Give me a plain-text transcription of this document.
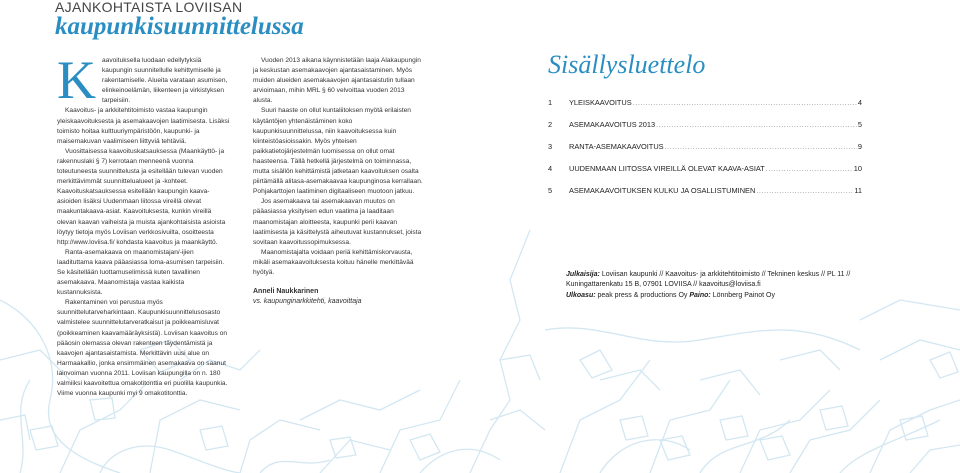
AJANKOHTAISTA LOVIISAN
kaupunkisuunnittelussa
K aavoituksella luodaan edellytyksiä kaupungin suunnitellulle kehittymiselle ja rakentamiselle. Alueita varataan asumisen, elinkeinoelämän, liikenteen ja virkistyksen tarpeisiin.

Kaavoitus- ja arkkitehtitoimisto vastaa kaupungin yleiskaavoituksesta ja asemakaavojen laatimisesta. Lisäksi toimisto hoitaa kulttuuriympäristöön, kaupunki- ja maisemakuvan vaalimiseen liittyviä tehtäviä.

Vuosittaisessa kaavoituskatsauksessa (Maankäyttö- ja rakennuslaki § 7) kerrotaan menneenä vuonna toteutuneesta suunnittelusta ja esitellään tulevan vuoden merkittävimmät suunnittelualueet ja -kohteet. Kaavoituskatsauksessa esitellään kaupungin kaava-asioiden lisäksi Uudenmaan liitossa vireillä olevat maakuntakaava-asiat. Kaavoituksesta, kunkin vireillä olevan kaavan vaiheista ja muista ajankohtaisista asioista löytyy tietoja myös Loviisan verkkosivuilta, osoitteesta http://www.loviisa.fi/ kohdasta kaavoitus ja maankäyttö.

Ranta-asemakaava on maanomistajan/-ijien laadituttama kaava pääasiassa loma-asumisen tarpeisiin. Se käsitellään luottamuselimissä kuten tavallinen asemakaava. Maanomistaja vastaa kaikista kustannuksista.

Rakentaminen voi perustua myös suunnittelutarveharkintaan. Kaupunkisuunnittelusosasto valmistelee suunnittelutarveratkaisut ja poikkeamisluvat (poikkeaminen kaavamääräyksistä). Loviisan kaavoitus on pääosin olemassa olevan rakenteen täydentämistä ja kaavojen ajantasaistamista. Merkittävin uusi alue on Harmaakallio, jonka ensimmäinen asemakaava on saanut lainvoiman vuonna 2011. Loviisan kaupungilla on n. 180 valmiiksi kaavoitettua omakotitonttia eri puolilla kaupunkia. Viime vuonna kaupunki myi 9 omakotitonttia.

Vuoden 2013 aikana käynnistetään laaja Alakaupungin ja keskustan asemakaavojen ajantasaistaminen. Myös muiden alueiden asemakaavojen ajantasaistutin tullaan arvioimaan, mihin MRL § 60 velvoittaa vuoden 2013 alusta.

Suuri haaste on ollut kuntaliitoksen myötä erilaisten käytäntöjen yhtenäistäminen koko kaupunkisuunnittelussa, niin kaavoituksessa kuin kiinteistöasioissakin. Myös yhteisen paikkatietojärjestelmän luomisessa on ollut omat haasteensa. Tällä hetkellä järjestelmä on toiminnassa, mutta sisällön kehittämistä jatketaan kaavoituksen osalta piirtämällä alitasa-asemakaavaa kaupunginosa kerrallaan. Pohjakarttojen laatiminen digitaaliseen muotoon jatkuu.

Jos asemakaava tai asemakaavan muutos on pääasiassa yksityisen edun vaatima ja laaditaan maanomistajan aloitteesta, kaupunki perii kaavan laatimisesta ja käsittelystä aiheutuvat kustannukset, joista sovitaan kaavoitussopimuksessa.

Maanomistajalta voidaan periä kehittämiskorvausta, mikäli asemakaavoituksesta koituu hänelle merkittävää hyötyä.

Anneli Naukkarinen
vs. kaupunginarkkitehti, kaavoittaja
Sisällysluettelo
1	YLEISKAAVOITUS .....	4
2	ASEMAKAAVOITUS 2013 .....	5
3	RANTA-ASEMAKAAVOITUS .....	9
4	UUDENMAAN LIITOSSA VIREILLÄ OLEVAT KAAVA-ASIAT .....	10
5	ASEMAKAAVOITUKSEN KULKU JA OSALLISTUMINEN .....	11
Julkaisija: Loviisan kaupunki // Kaavoitus- ja arkkitehtitoimisto // Tekninen keskus // PL 11 // Kuningattarenkatu 15 B, 07901 LOVIISA // kaavoitus@loviisa.fi
Ulkoasu: peak press & productions Oy Paino: Lönnberg Painot Oy
